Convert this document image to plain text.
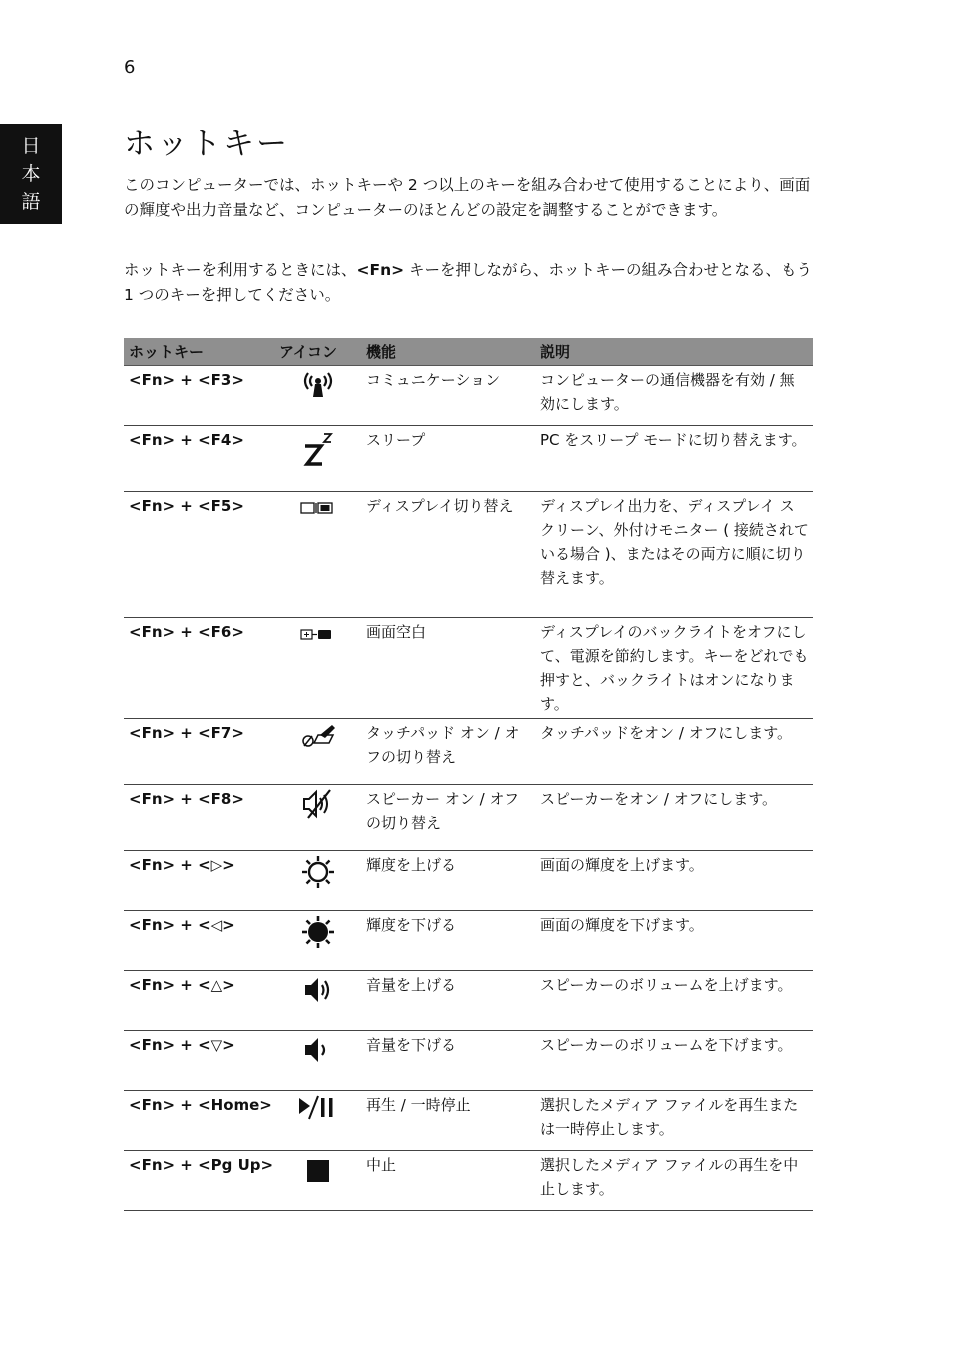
6
日
本
語
ホットキー

このコンピューターでは、ホットキーや 2 つ以上のキーを組み合わせて使用することにより、画面の輝度や出力音量など、コンピューターのほとんどの設定を調整することができます。

ホットキーを利用するときには、<Fn> キーを押しながら、ホットキーの組み合わせとなる、もう 1 つのキーを押してください。

ホットキー	アイコン	機能	説明
<Fn> + <F3>		コミュニケーション	コンピューターの通信機器を有効 / 無効にします。
<Fn> + <F4>		スリープ	PC をスリープ モードに切り替えます。
<Fn> + <F5>		ディスプレイ切り替え	ディスプレイ出力を、ディスプレイ スクリーン、外付けモニター ( 接続されている場合 )、またはその両方に順に切り替えます。
<Fn> + <F6>		画面空白	ディスプレイのバックライトをオフにして、電源を節約します。キーをどれでも押すと、バックライトはオンになります。
<Fn> + <F7>		タッチパッド オン / オフの切り替え	タッチパッドをオン / オフにします。
<Fn> + <F8>		スピーカー オン / オフの切り替え	スピーカーをオン / オフにします。
<Fn> + <▷>		輝度を上げる	画面の輝度を上げます。
<Fn> + <◁>		輝度を下げる	画面の輝度を下げます。
<Fn> + <△>		音量を上げる	スピーカーのボリュームを上げます。
<Fn> + <▽>		音量を下げる	スピーカーのボリュームを下げます。
<Fn> + <Home>		再生 / 一時停止	選択したメディア ファイルを再生または一時停止します。
<Fn> + <Pg Up>		中止	選択したメディア ファイルの再生を中止します。
